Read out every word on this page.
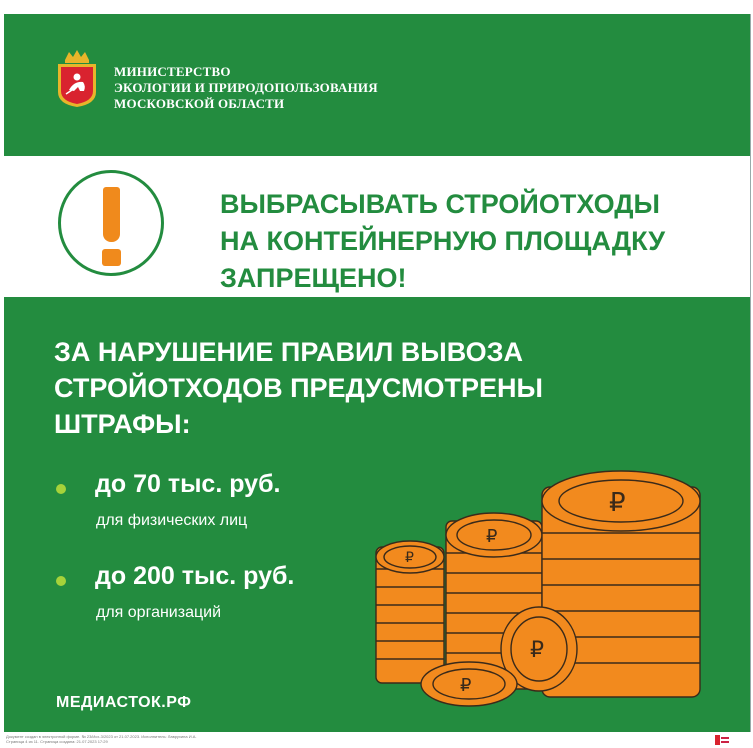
МИНИСТЕРСТВО
ЭКОЛОГИИ И ПРИРОДОПОЛЬЗОВАНИЯ
МОСКОВСКОЙ ОБЛАСТИ
ВЫБРАСЫВАТЬ СТРОЙОТХОДЫ
НА КОНТЕЙНЕРНУЮ ПЛОЩАДКУ
ЗАПРЕЩЕНО!
ЗА НАРУШЕНИЕ ПРАВИЛ ВЫВОЗА
СТРОЙОТХОДОВ ПРЕДУСМОТРЕНЫ
ШТРАФЫ:
до 70 тыс. руб.
для физических лиц
до 200 тыс. руб.
для организаций
МЕДИАСТОК.РФ
₽
₽
₽
₽
₽
Документ создан в электронной форме. № 23/Исх-3/2023 от 21.07.2023. Исполнитель: Лаврухина И.А.
Страница 4 из 11. Страница создана: 21.07.2023 17:29
